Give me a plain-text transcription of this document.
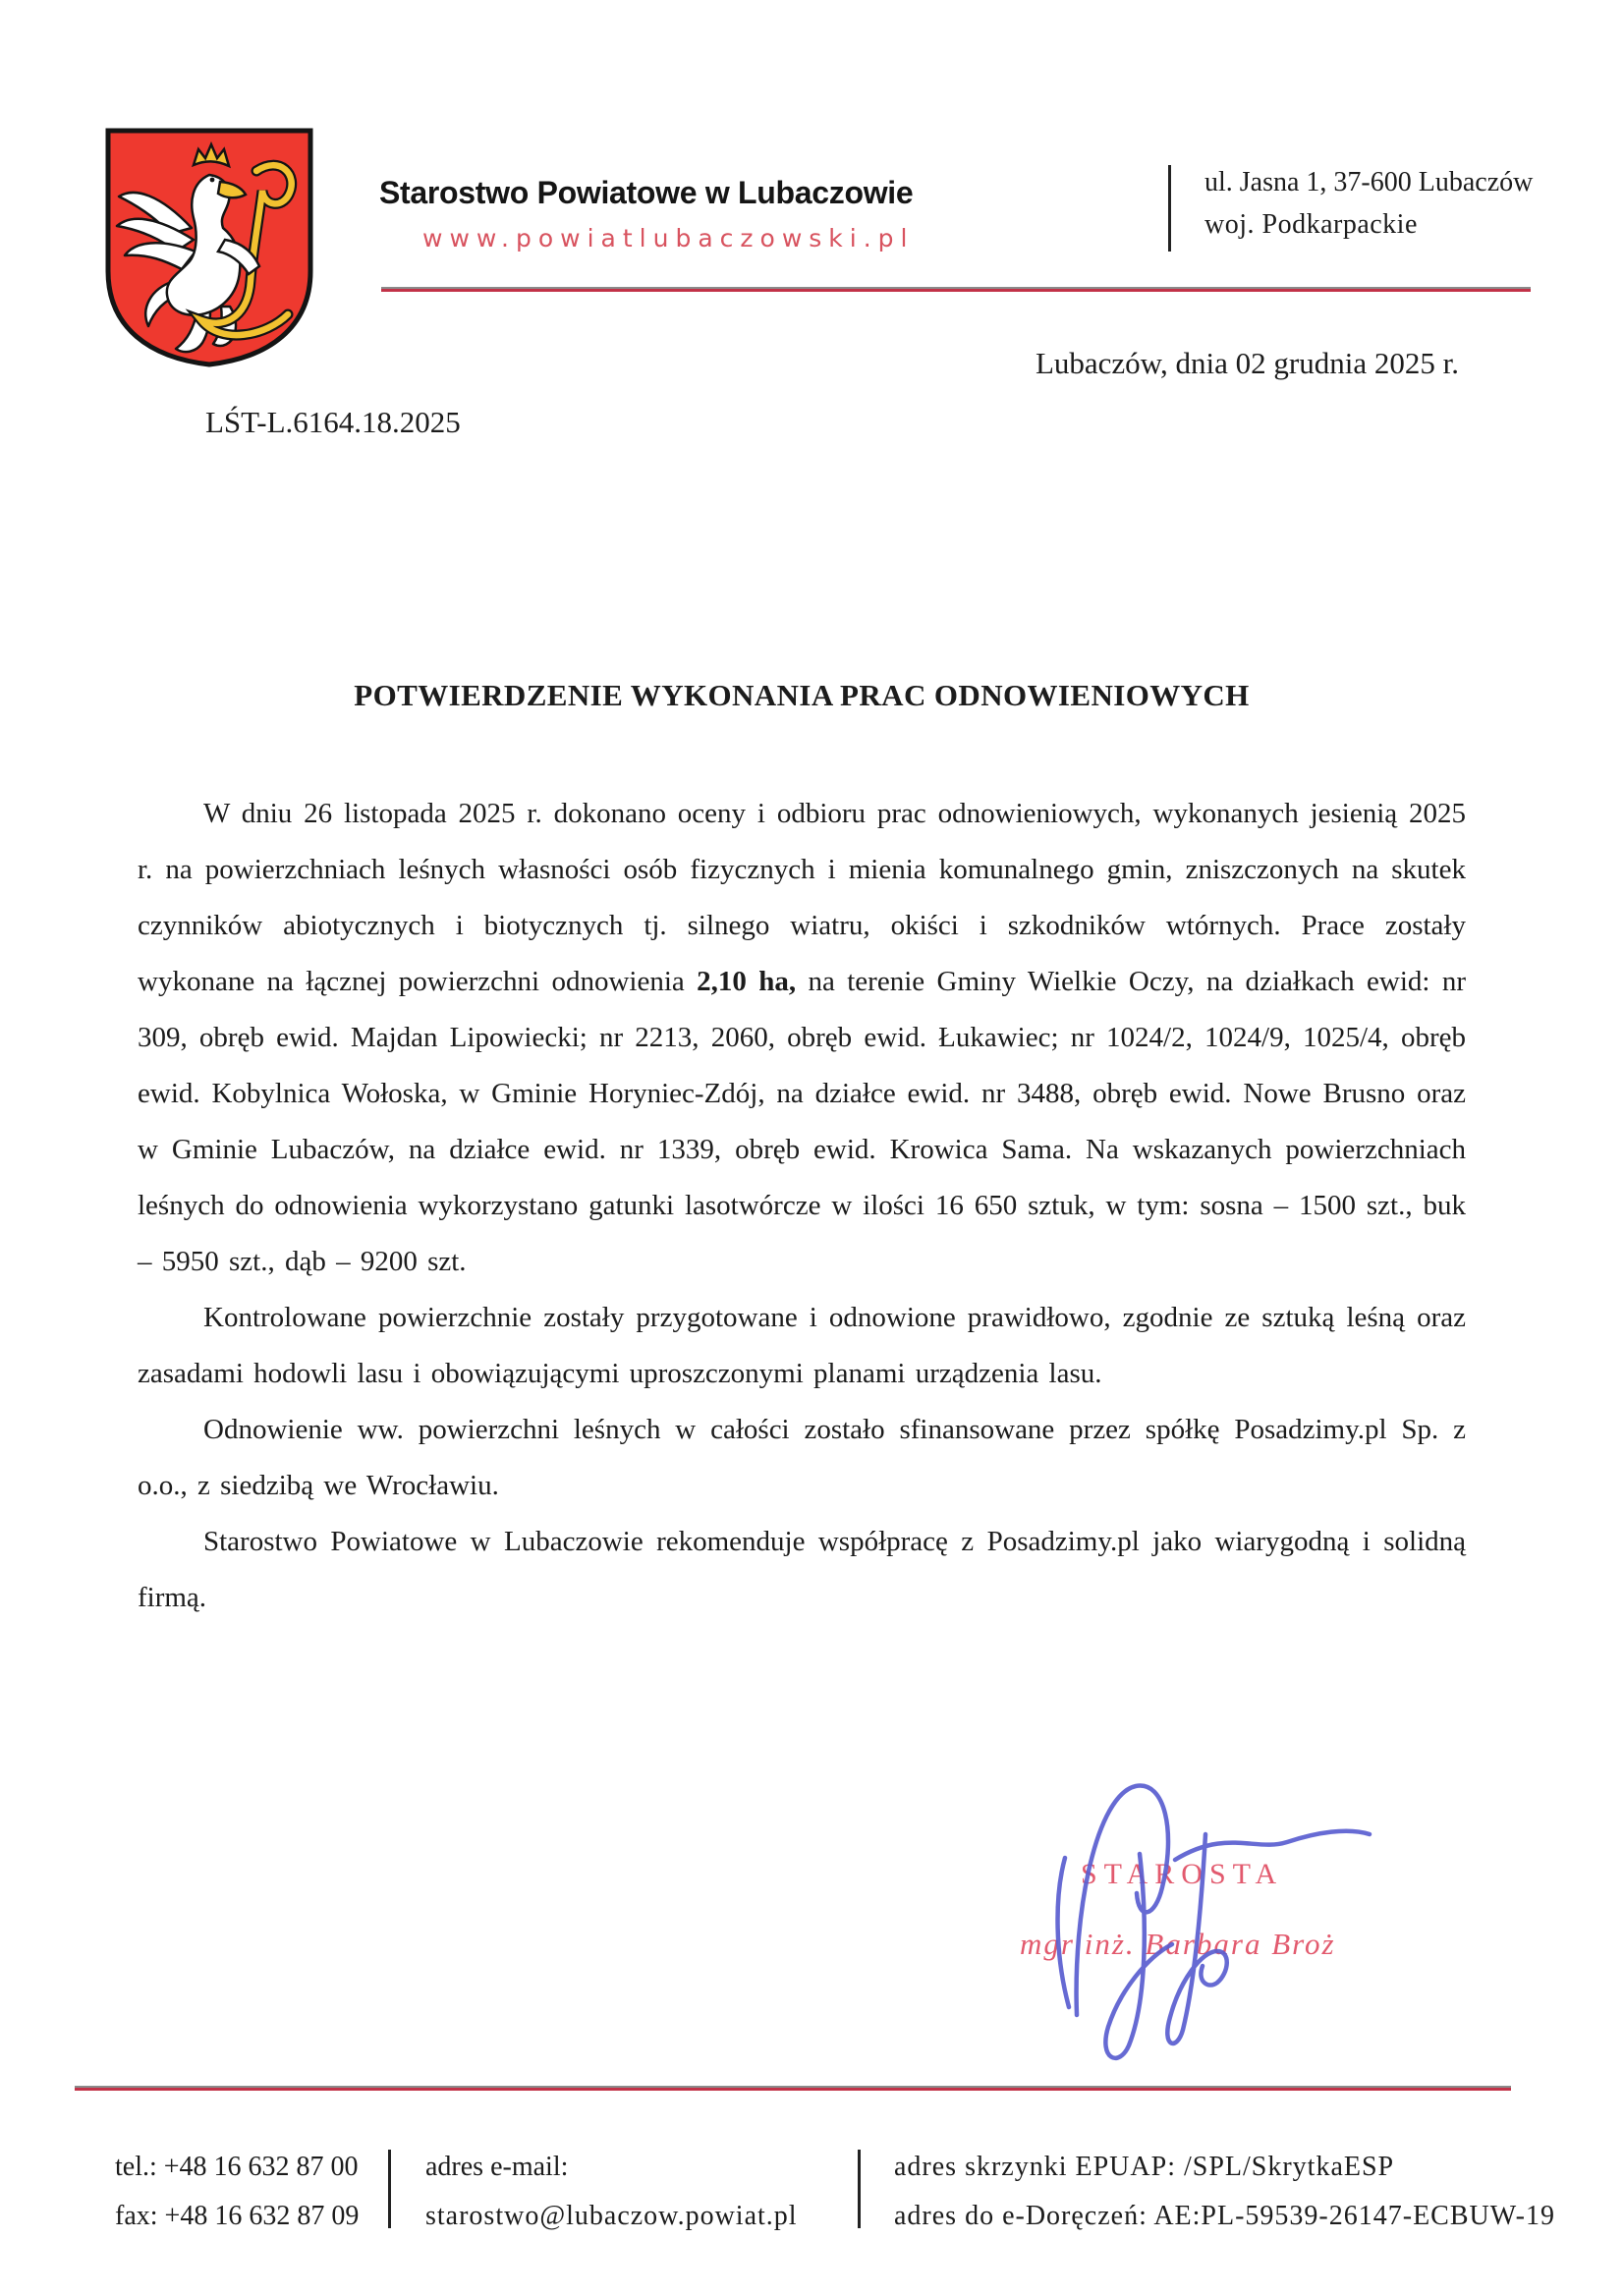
Starostwo Powiatowe w Lubaczowie
www.powiatlubaczowski.pl
ul. Jasna 1, 37-600 Lubaczów
woj. Podkarpackie
Lubaczów, dnia 02 grudnia 2025 r.
LŚT-L.6164.18.2025
POTWIERDZENIE WYKONANIA PRAC ODNOWIENIOWYCH

W dniu 26 listopada 2025 r. dokonano oceny i odbioru prac odnowieniowych, wykonanych jesienią 2025 r. na powierzchniach leśnych własności osób fizycznych i mienia komunalnego gmin, zniszczonych na skutek czynników abiotycznych i biotycznych tj. silnego wiatru, okiści i szkodników wtórnych. Prace zostały wykonane na łącznej powierzchni odnowienia 2,10 ha, na terenie Gminy Wielkie Oczy, na działkach ewid: nr 309, obręb ewid. Majdan Lipowiecki; nr 2213, 2060, obręb ewid. Łukawiec; nr 1024/2, 1024/9, 1025/4, obręb ewid. Kobylnica Wołoska, w Gminie Horyniec-Zdój, na działce ewid. nr 3488, obręb ewid. Nowe Brusno oraz w Gminie Lubaczów, na działce ewid. nr 1339, obręb ewid. Krowica Sama. Na wskazanych powierzchniach leśnych do odnowienia wykorzystano gatunki lasotwórcze w ilości 16 650 sztuk, w tym: sosna – 1500 szt., buk – 5950 szt., dąb – 9200 szt.

Kontrolowane powierzchnie zostały przygotowane i odnowione prawidłowo, zgodnie ze sztuką leśną oraz zasadami hodowli lasu i obowiązującymi uproszczonymi planami urządzenia lasu.

Odnowienie ww. powierzchni leśnych w całości zostało sfinansowane przez spółkę Posadzimy.pl Sp. z o.o., z siedzibą we Wrocławiu.

Starostwo Powiatowe w Lubaczowie rekomenduje współpracę z Posadzimy.pl jako wiarygodną i solidną firmą.

STAROSTA
mgr inż. Barbara Broż
tel.: +48 16 632 87 00
fax: +48 16 632 87 09
adres e-mail:
starostwo@lubaczow.powiat.pl
adres skrzynki EPUAP: /SPL/SkrytkaESP
adres do e-Doręczeń: AE:PL-59539-26147-ECBUW-19
